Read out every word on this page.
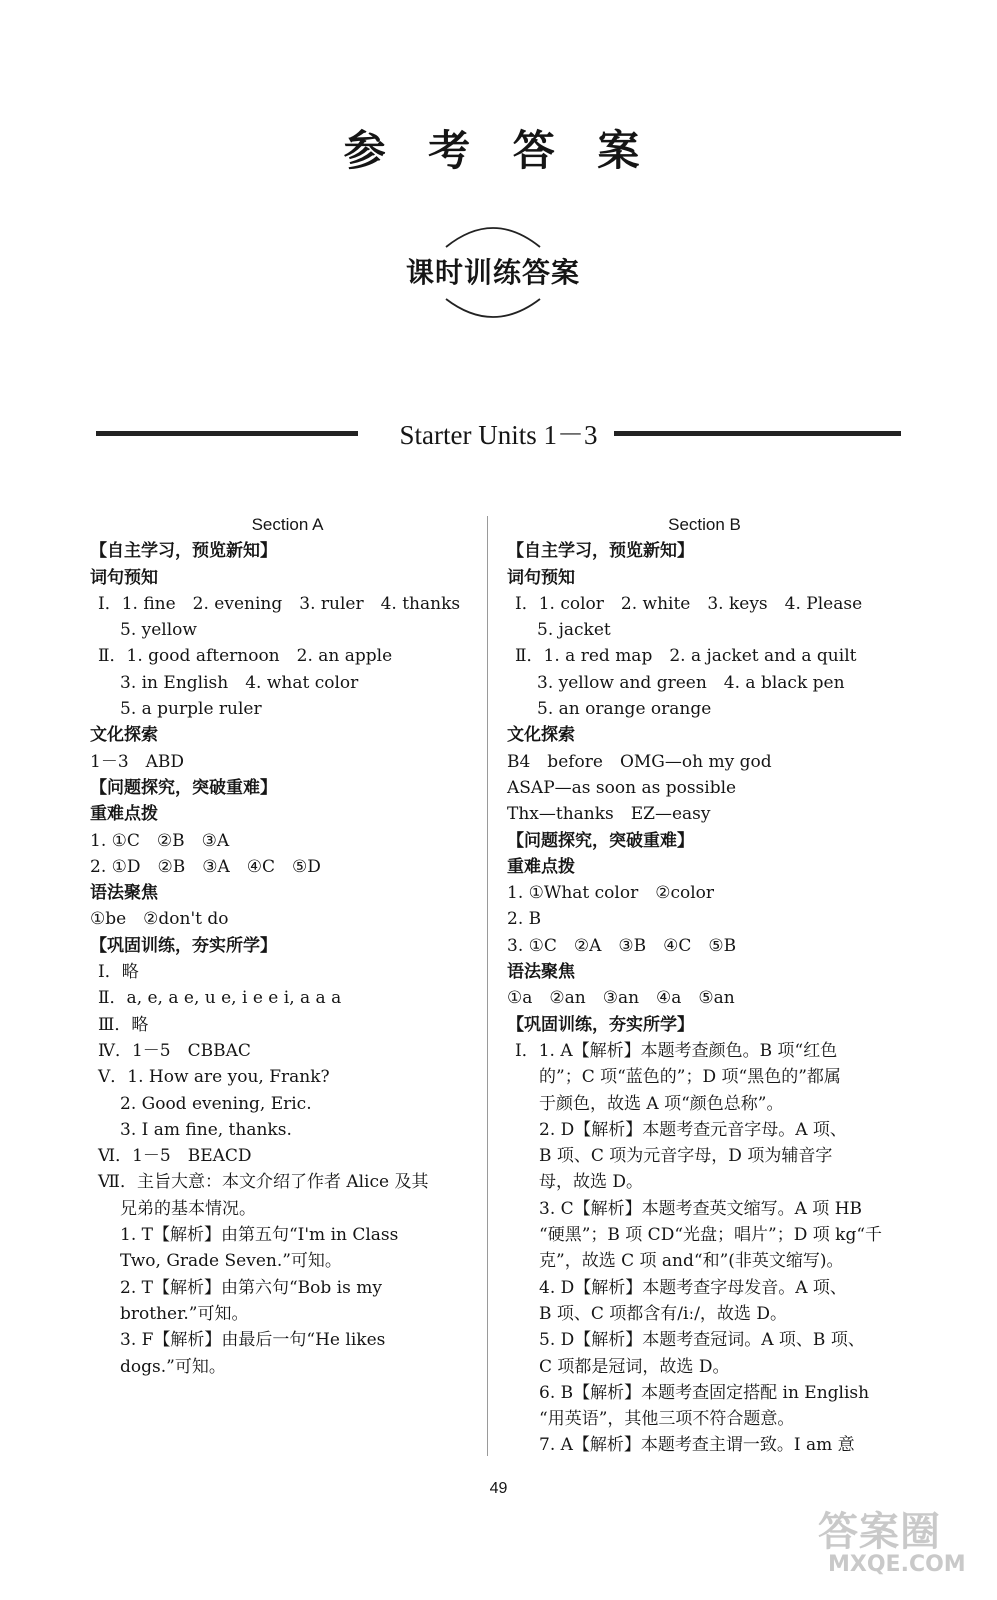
参 考 答 案
课时训练答案
Starter Units 1－3
Section A
【自主学习，预览新知】
词句预知
Ⅰ．1. fine　2. evening　3. ruler　4. thanks
5. yellow
Ⅱ．1. good afternoon　2. an apple
3. in English　4. what color
5. a purple ruler
文化探索
1－3　ABD
【问题探究，突破重难】
重难点拨
1. ①C　②B　③A
2. ①D　②B　③A　④C　⑤D
语法聚焦
①be　②don't do
【巩固训练，夯实所学】
Ⅰ．略
Ⅱ．a, e, a e, u e, i e e i, a a a
Ⅲ．略
Ⅳ．1－5　CBBAC
Ⅴ．1. How are you, Frank?
2. Good evening, Eric.
3. I am fine, thanks.
Ⅵ．1－5　BEACD
Ⅶ．主旨大意：本文介绍了作者 Alice 及其
兄弟的基本情况。
1. T【解析】由第五句“I'm in Class
Two, Grade Seven.”可知。
2. T【解析】由第六句“Bob is my
brother.”可知。
3. F【解析】由最后一句“He likes
dogs.”可知。
Section B
【自主学习，预览新知】
词句预知
Ⅰ．1. color　2. white　3. keys　4. Please
5. jacket
Ⅱ．1. a red map　2. a jacket and a quilt
3. yellow and green　4. a black pen
5. an orange orange
文化探索
B4　before　OMG—oh my god
ASAP—as soon as possible
Thx—thanks　EZ—easy
【问题探究，突破重难】
重难点拨
1. ①What color　②color
2. B
3. ①C　②A　③B　④C　⑤B
语法聚焦
①a　②an　③an　④a　⑤an
【巩固训练，夯实所学】
Ⅰ．1. A【解析】本题考查颜色。B 项“红色
的”；C 项“蓝色的”；D 项“黑色的”都属
于颜色，故选 A 项“颜色总称”。
2. D【解析】本题考查元音字母。A 项、
B 项、C 项为元音字母，D 项为辅音字
母，故选 D。
3. C【解析】本题考查英文缩写。A 项 HB
“硬黑”；B 项 CD“光盘；唱片”；D 项 kg“千
克”，故选 C 项 and“和”(非英文缩写)。
4. D【解析】本题考查字母发音。A 项、
B 项、C 项都含有/iː/，故选 D。
5. D【解析】本题考查冠词。A 项、B 项、
C 项都是冠词，故选 D。
6. B【解析】本题考查固定搭配 in English
“用英语”，其他三项不符合题意。
7. A【解析】本题考查主谓一致。I am 意
49
答案圈
MXQE.COM
